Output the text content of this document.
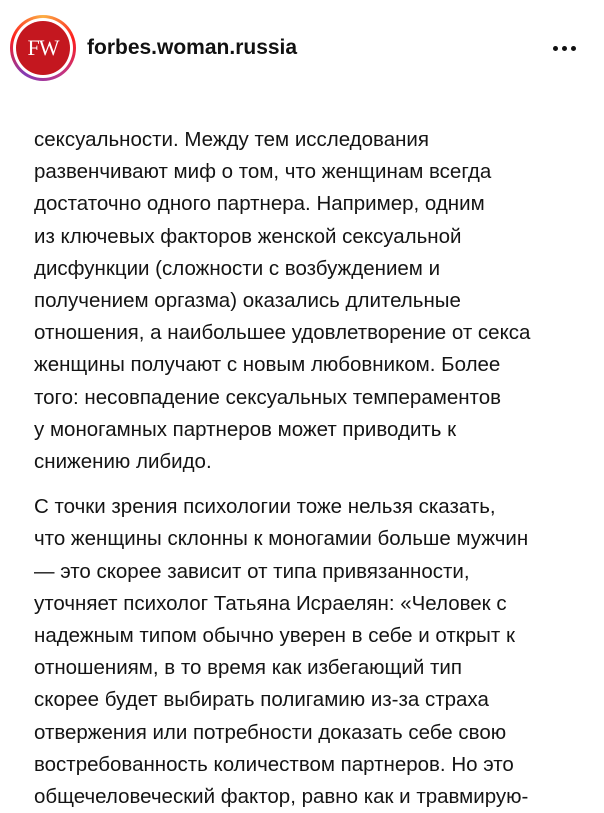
FW forbes.woman.russia

сексуальности. Между тем исследования
развенчивают миф о том, что женщинам всегда
достаточно одного партнера. Например, одним
из ключевых факторов женской сексуальной
дисфункции (сложности с возбуждением и
получением оргазма) оказались длительные
отношения, а наибольшее удовлетворение от секса
женщины получают с новым любовником. Более
того: несовпадение сексуальных темпераментов
у моногамных партнеров может приводить к
снижению либидо.

С точки зрения психологии тоже нельзя сказать,
что женщины склонны к моногамии больше мужчин
— это скорее зависит от типа привязанности,
уточняет психолог Татьяна Исраелян: «Человек с
надежным типом обычно уверен в себе и открыт к
отношениям, в то время как избегающий тип
скорее будет выбирать полигамию из-за страха
отвержения или потребности доказать себе свою
востребованность количеством партнеров. Но это
общечеловеческий фактор, равно как и травмирую-
